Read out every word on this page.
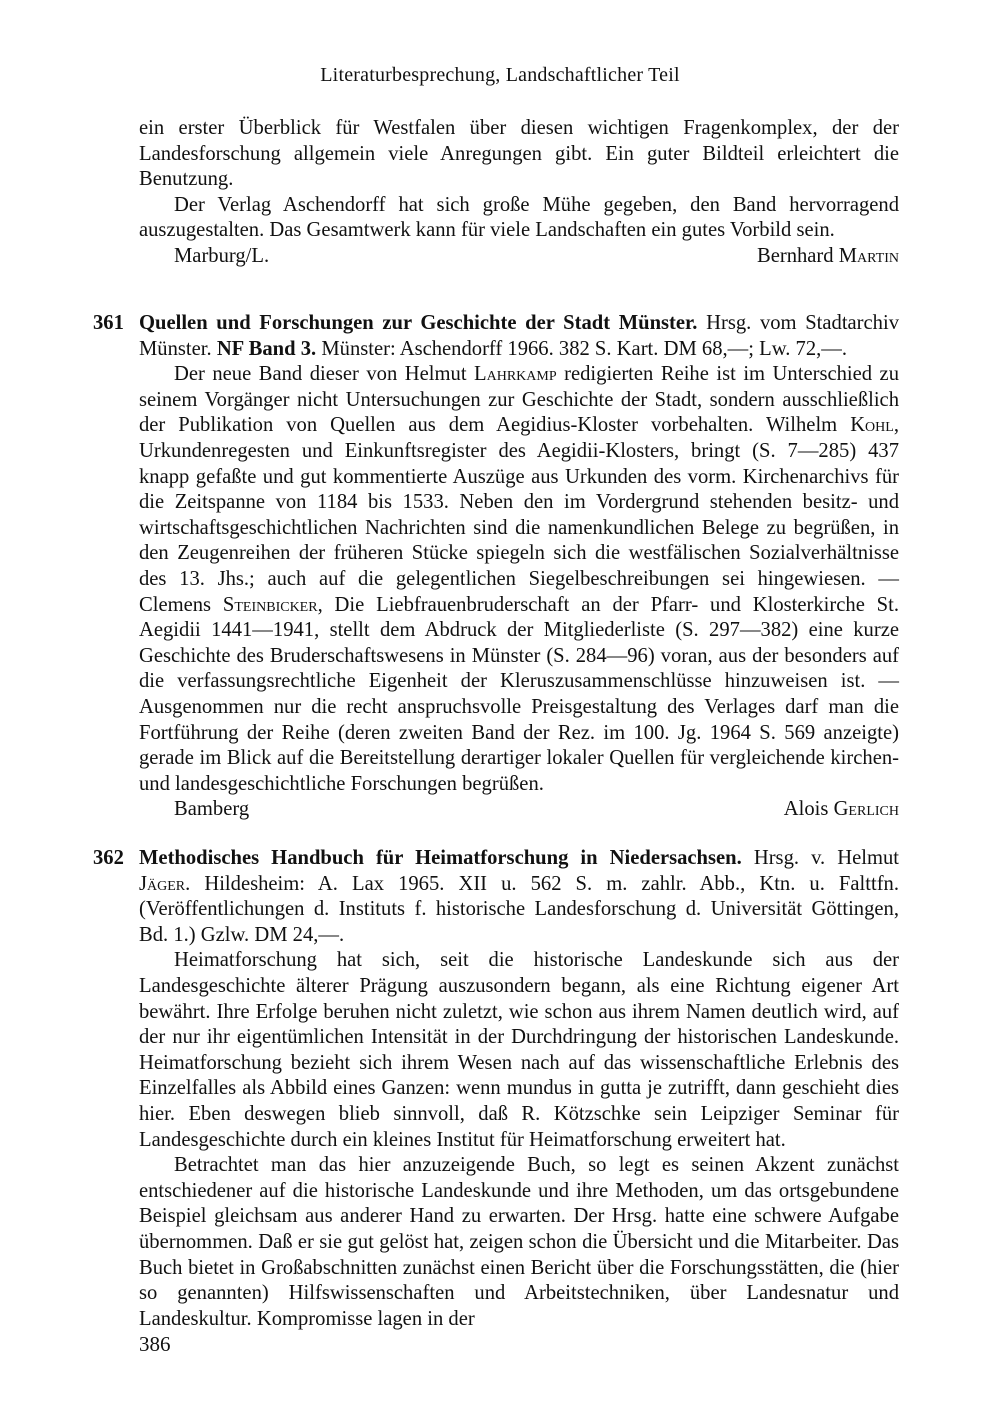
Literaturbesprechung, Landschaftlicher Teil

ein erster Überblick für Westfalen über diesen wichtigen Fragenkomplex, der der Landesforschung allgemein viele Anregungen gibt. Ein guter Bildteil erleichtert die Benutzung.

Der Verlag Aschendorff hat sich große Mühe gegeben, den Band hervorragend auszugestalten. Das Gesamtwerk kann für viele Landschaften ein gutes Vorbild sein.

Marburg/L.	Bernhard Martin
361 Quellen und Forschungen zur Geschichte der Stadt Münster. Hrsg. vom Stadtarchiv Münster. NF Band 3. Münster: Aschendorff 1966. 382 S. Kart. DM 68,—; Lw. 72,—.

Der neue Band dieser von Helmut Lahrkamp redigierten Reihe ist im Unterschied zu seinem Vorgänger nicht Untersuchungen zur Geschichte der Stadt, sondern ausschließlich der Publikation von Quellen aus dem Aegidius-Kloster vorbehalten. Wilhelm Kohl, Urkundenregesten und Einkunftsregister des Aegidii-Klosters, bringt (S. 7—285) 437 knapp gefaßte und gut kommentierte Auszüge aus Urkunden des vorm. Kirchenarchivs für die Zeitspanne von 1184 bis 1533. Neben den im Vordergrund stehenden besitz- und wirtschaftsgeschichtlichen Nachrichten sind die namenkundlichen Belege zu begrüßen, in den Zeugenreihen der früheren Stücke spiegeln sich die westfälischen Sozialverhältnisse des 13. Jhs.; auch auf die gelegentlichen Siegelbeschreibungen sei hingewiesen. — Clemens Steinbicker, Die Liebfrauenbruderschaft an der Pfarr- und Klosterkirche St. Aegidii 1441—1941, stellt dem Abdruck der Mitgliederliste (S. 297—382) eine kurze Geschichte des Bruderschaftswesens in Münster (S. 284—96) voran, aus der besonders auf die verfassungsrechtliche Eigenheit der Kleruszusammenschlüsse hinzuweisen ist. — Ausgenommen nur die recht anspruchsvolle Preisgestaltung des Verlages darf man die Fortführung der Reihe (deren zweiten Band der Rez. im 100. Jg. 1964 S. 569 anzeigte) gerade im Blick auf die Bereitstellung derartiger lokaler Quellen für vergleichende kirchen- und landesgeschichtliche Forschungen begrüßen.

Bamberg	Alois Gerlich
362 Methodisches Handbuch für Heimatforschung in Niedersachsen. Hrsg. v. Helmut Jäger. Hildesheim: A. Lax 1965. XII u. 562 S. m. zahlr. Abb., Ktn. u. Falttfn. (Veröffentlichungen d. Instituts f. historische Landesforschung d. Universität Göttingen, Bd. 1.) Gzlw. DM 24,—.

Heimatforschung hat sich, seit die historische Landeskunde sich aus der Landesgeschichte älterer Prägung auszusondern begann, als eine Richtung eigener Art bewährt. Ihre Erfolge beruhen nicht zuletzt, wie schon aus ihrem Namen deutlich wird, auf der nur ihr eigentümlichen Intensität in der Durchdringung der historischen Landeskunde. Heimatforschung bezieht sich ihrem Wesen nach auf das wissenschaftliche Erlebnis des Einzelfalles als Abbild eines Ganzen: wenn mundus in gutta je zutrifft, dann geschieht dies hier. Eben deswegen blieb sinnvoll, daß R. Kötzschke sein Leipziger Seminar für Landesgeschichte durch ein kleines Institut für Heimatforschung erweitert hat.

Betrachtet man das hier anzuzeigende Buch, so legt es seinen Akzent zunächst entschiedener auf die historische Landeskunde und ihre Methoden, um das ortsgebundene Beispiel gleichsam aus anderer Hand zu erwarten. Der Hrsg. hatte eine schwere Aufgabe übernommen. Daß er sie gut gelöst hat, zeigen schon die Übersicht und die Mitarbeiter. Das Buch bietet in Großabschnitten zunächst einen Bericht über die Forschungsstätten, die (hier so genannten) Hilfswissenschaften und Arbeitstechniken, über Landesnatur und Landeskultur. Kompromisse lagen in der

386
